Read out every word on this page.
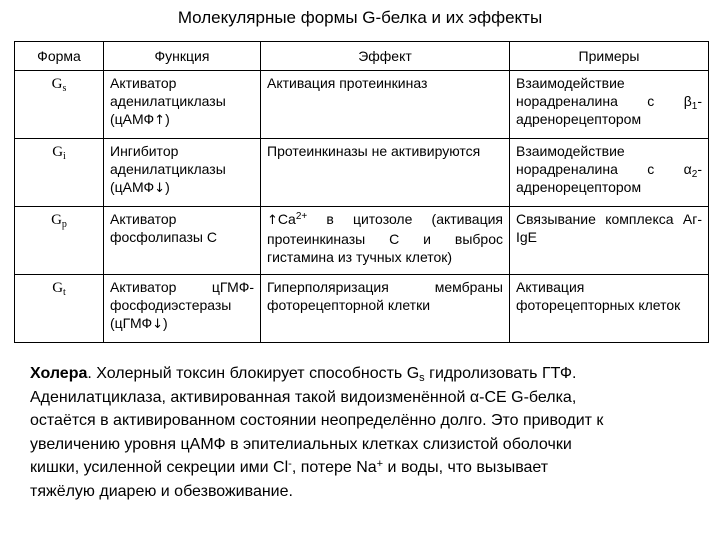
Молекулярные формы G-белка и их эффекты
Форма	Функция	Эффект	Примеры
$G_s$	Активатор
аденилатциклазы
(цАМФ↑)	Активация протеинкиназ	Взаимодействие норадреналина с $\beta_1$-адренорецептором
$G_i$	Ингибитор
аденилатциклазы
(цАМФ↓)	Протеинкиназы не активируются	Взаимодействие норадреналина с $\alpha_2$-адренорецептором
$G_p$	Активатор фосфолипазы С	$↑Ca^{2+}$ в цитозоле (активация протеинкиназы С и выброс гистамина из тучных клеток)	Связывание комплекса Аг-IgE
$G_t$	Активатор цГМФ-фосфодиэстеразы (цГМФ↓)	Гиперполяризация мембраны фоторецепторной клетки	Активация фоторецепторных клеток
Холера. Холерный токсин блокирует способность $G_s$ гидролизовать ГТФ.
Аденилатциклаза, активированная такой видоизменённой α-СЕ G-белка,
остаётся в активированном состоянии неопределённо долго. Это приводит к
увеличению уровня цАМФ в эпителиальных клетках слизистой оболочки
кишки, усиленной секреции ими Cl-, потере Na+ и воды, что вызывает
тяжёлую диарею и обезвоживание.
